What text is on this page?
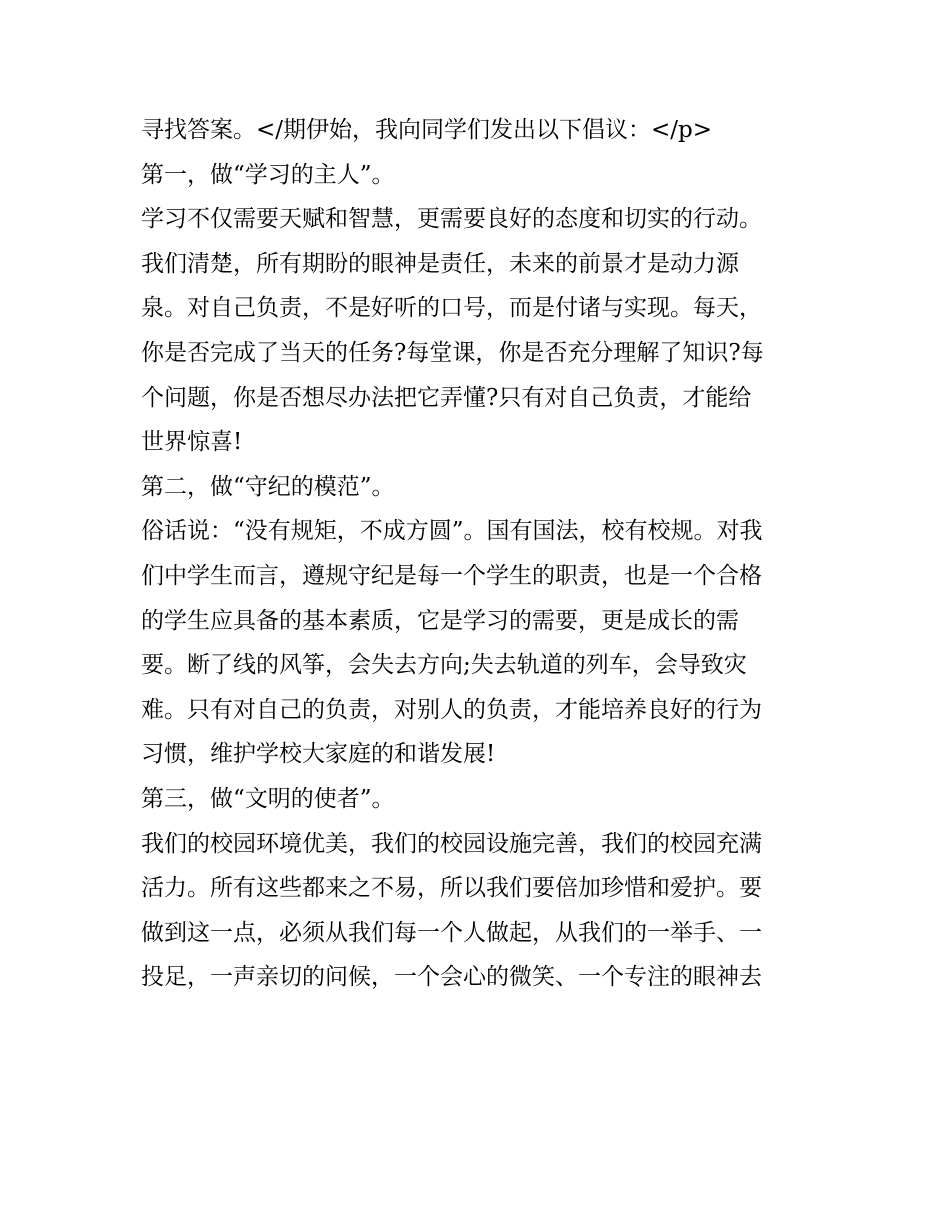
寻找答案。</期伊始，我向同学们发出以下倡议：</p>
第一，做“学习的主人”。
学习不仅需要天赋和智慧，更需要良好的态度和切实的行动。
我们清楚，所有期盼的眼神是责任，未来的前景才是动力源
泉。对自己负责，不是好听的口号，而是付诸与实现。每天，
你是否完成了当天的任务?每堂课，你是否充分理解了知识?每
个问题，你是否想尽办法把它弄懂?只有对自己负责，才能给
世界惊喜!
第二，做“守纪的模范”。
俗话说：“没有规矩，不成方圆”。国有国法，校有校规。对我
们中学生而言，遵规守纪是每一个学生的职责，也是一个合格
的学生应具备的基本素质，它是学习的需要，更是成长的需
要。断了线的风筝，会失去方向;失去轨道的列车，会导致灾
难。只有对自己的负责，对别人的负责，才能培养良好的行为
习惯，维护学校大家庭的和谐发展!
第三，做“文明的使者”。
我们的校园环境优美，我们的校园设施完善，我们的校园充满
活力。所有这些都来之不易，所以我们要倍加珍惜和爱护。要
做到这一点，必须从我们每一个人做起，从我们的一举手、一
投足，一声亲切的问候，一个会心的微笑、一个专注的眼神去
